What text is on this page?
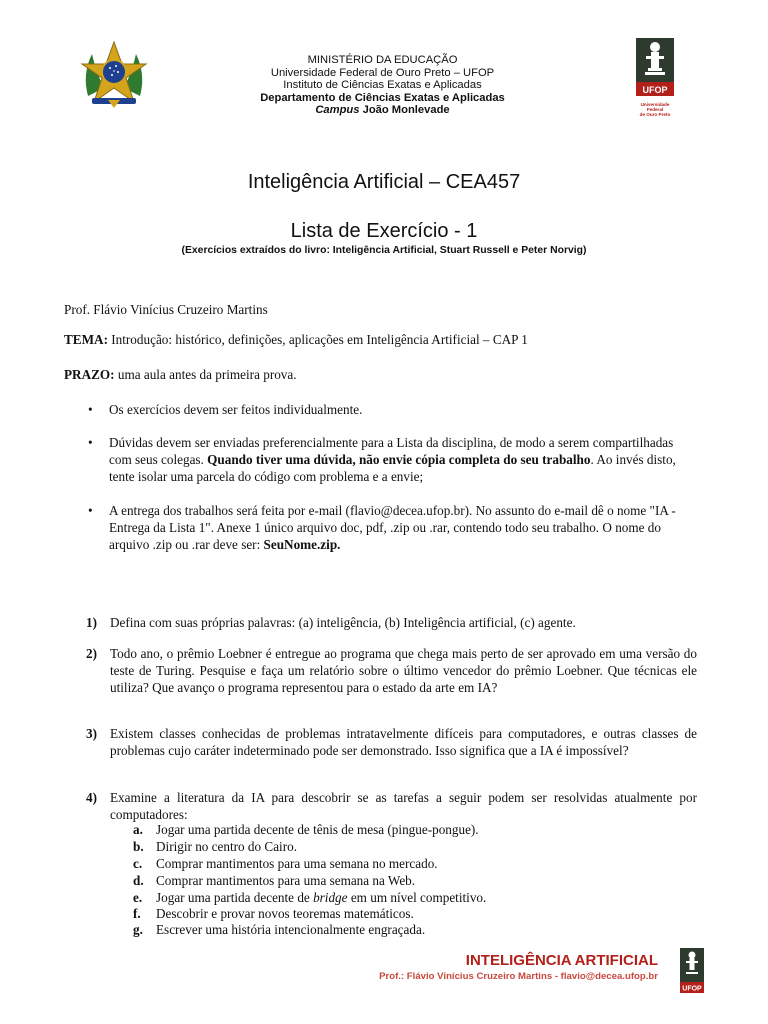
MINISTÉRIO DA EDUCAÇÃO
Universidade Federal de Ouro Preto – UFOP
Instituto de Ciências Exatas e Aplicadas
Departamento de Ciências Exatas e Aplicadas
Campus João Monlevade
UFOP
Universidade Federal
de Ouro Preto
Inteligência Artificial – CEA457
Lista de Exercício - 1
(Exercícios extraídos do livro: Inteligência Artificial, Stuart Russell e Peter Norvig)
Prof. Flávio Vinícius Cruzeiro Martins
TEMA: Introdução: histórico, definições, aplicações em Inteligência Artificial – CAP 1
PRAZO: uma aula antes da primeira prova.
• Os exercícios devem ser feitos individualmente.
• Dúvidas devem ser enviadas preferencialmente para a Lista da disciplina, de modo a serem compartilhadas com seus colegas. Quando tiver uma dúvida, não envie cópia completa do seu trabalho. Ao invés disto, tente isolar uma parcela do código com problema e a envie;
• A entrega dos trabalhos será feita por e-mail (flavio@decea.ufop.br). No assunto do e-mail dê o nome "IA - Entrega da Lista 1". Anexe 1 único arquivo doc, pdf, .zip ou .rar, contendo todo seu trabalho. O nome do arquivo .zip ou .rar deve ser: SeuNome.zip.
1) Defina com suas próprias palavras: (a) inteligência, (b) Inteligência artificial, (c) agente.
2) Todo ano, o prêmio Loebner é entregue ao programa que chega mais perto de ser aprovado em uma versão do teste de Turing. Pesquise e faça um relatório sobre o último vencedor do prêmio Loebner. Que técnicas ele utiliza? Que avanço o programa representou para o estado da arte em IA?
3) Existem classes conhecidas de problemas intratavelmente difíceis para computadores, e outras classes de problemas cujo caráter indeterminado pode ser demonstrado. Isso significa que a IA é impossível?
4) Examine a literatura da IA para descobrir se as tarefas a seguir podem ser resolvidas atualmente por computadores:
a. Jogar uma partida decente de tênis de mesa (pingue-pongue).
b. Dirigir no centro do Cairo.
c. Comprar mantimentos para uma semana no mercado.
d. Comprar mantimentos para uma semana na Web.
e. Jogar uma partida decente de bridge em um nível competitivo.
f. Descobrir e provar novos teoremas matemáticos.
g. Escrever uma história intencionalmente engraçada.
INTELIGÊNCIA ARTIFICIAL
Prof.: Flávio Vinícius Cruzeiro Martins - flavio@decea.ufop.br
UFOP
